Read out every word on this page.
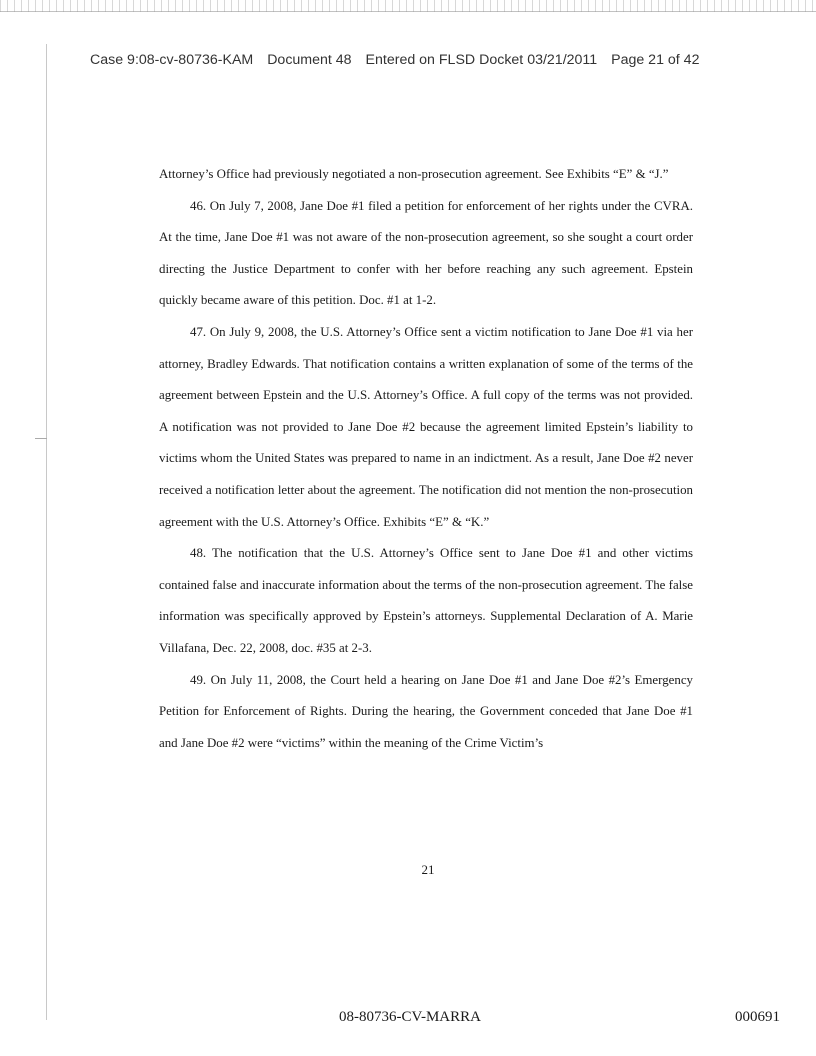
Case 9:08-cv-80736-KAM Document 48 Entered on FLSD Docket 03/21/2011 Page 21 of 42

Attorney’s Office had previously negotiated a non-prosecution agreement. See Exhibits “E” & “J.”

46. On July 7, 2008, Jane Doe #1 filed a petition for enforcement of her rights under the CVRA. At the time, Jane Doe #1 was not aware of the non-prosecution agreement, so she sought a court order directing the Justice Department to confer with her before reaching any such agreement. Epstein quickly became aware of this petition. Doc. #1 at 1-2.

47. On July 9, 2008, the U.S. Attorney’s Office sent a victim notification to Jane Doe #1 via her attorney, Bradley Edwards. That notification contains a written explanation of some of the terms of the agreement between Epstein and the U.S. Attorney’s Office. A full copy of the terms was not provided. A notification was not provided to Jane Doe #2 because the agreement limited Epstein’s liability to victims whom the United States was prepared to name in an indictment. As a result, Jane Doe #2 never received a notification letter about the agreement. The notification did not mention the non-prosecution agreement with the U.S. Attorney’s Office. Exhibits “E” & “K.”

48. The notification that the U.S. Attorney’s Office sent to Jane Doe #1 and other victims contained false and inaccurate information about the terms of the non-prosecution agreement. The false information was specifically approved by Epstein’s attorneys. Supplemental Declaration of A. Marie Villafana, Dec. 22, 2008, doc. #35 at 2-3.

49. On July 11, 2008, the Court held a hearing on Jane Doe #1 and Jane Doe #2’s Emergency Petition for Enforcement of Rights. During the hearing, the Government conceded that Jane Doe #1 and Jane Doe #2 were “victims” within the meaning of the Crime Victim’s

21
08-80736-CV-MARRA	000691
